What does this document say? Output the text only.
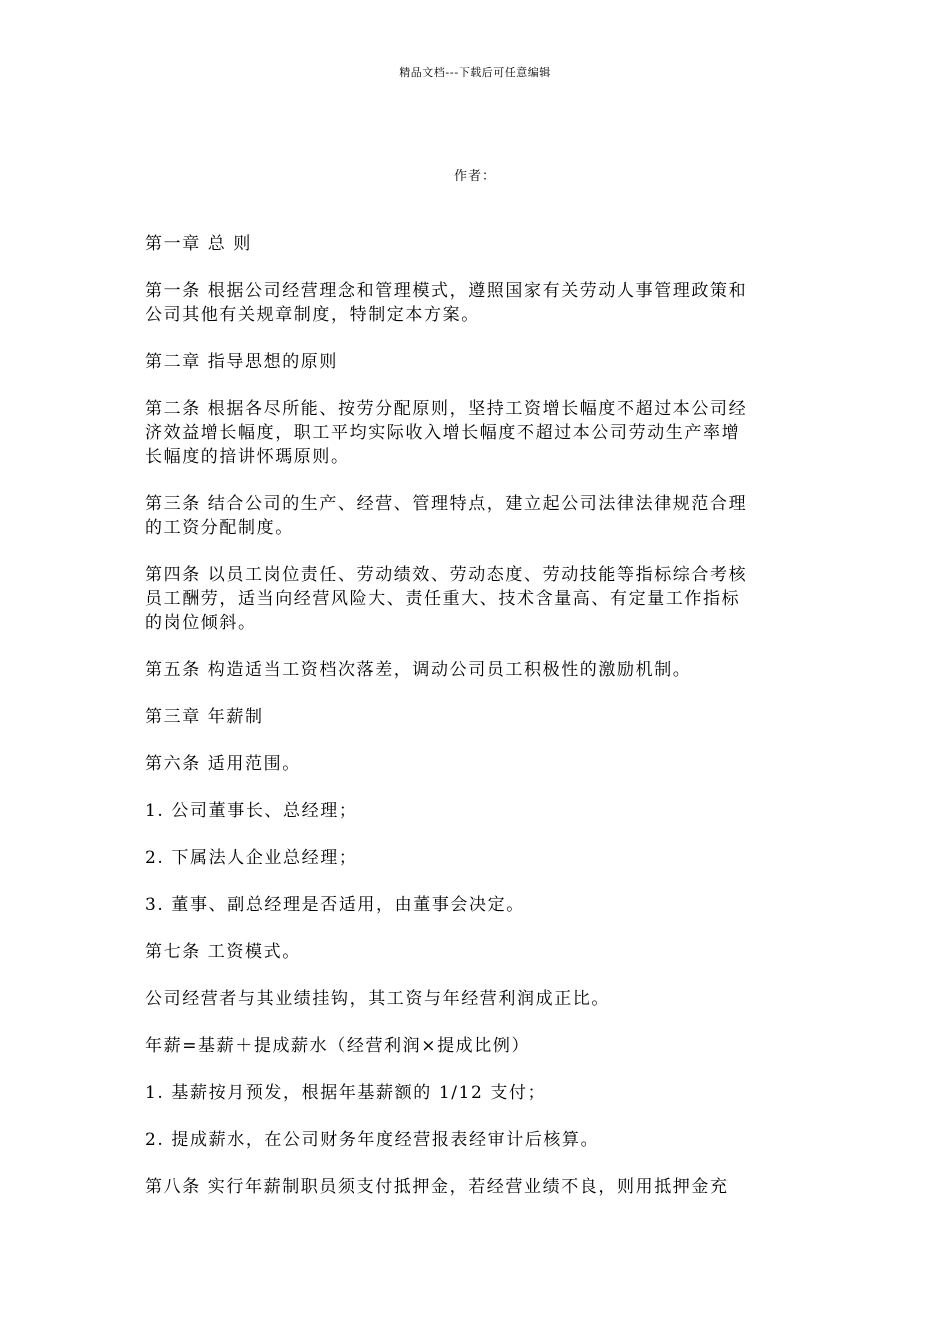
精品文档---下载后可任意编辑
作者：

第一章 总 则

第一条 根据公司经营理念和管理模式，遵照国家有关劳动人事管理政策和
公司其他有关规章制度，特制定本方案。

第二章 指导思想的原则

第二条 根据各尽所能、按劳分配原则，坚持工资增长幅度不超过本公司经
济效益增长幅度，职工平均实际收入增长幅度不超过本公司劳动生产率增
长幅度的揞讲怀瑪原则。

第三条 结合公司的生产、经营、管理特点，建立起公司法律法律规范合理
的工资分配制度。

第四条 以员工岗位责任、劳动绩效、劳动态度、劳动技能等指标综合考核
员工酬劳，适当向经营风险大、责任重大、技术含量高、有定量工作指标
的岗位倾斜。

第五条 构造适当工资档次落差，调动公司员工积极性的激励机制。

第三章 年薪制

第六条 适用范围。

1. 公司董事长、总经理；

2. 下属法人企业总经理；

3. 董事、副总经理是否适用，由董事会决定。

第七条 工资模式。

公司经营者与其业绩挂钩，其工资与年经营利润成正比。

年薪=基薪＋提成薪水（经营利润×提成比例）

1. 基薪按月预发，根据年基薪额的 1/12 支付；

2. 提成薪水，在公司财务年度经营报表经审计后核算。

第八条 实行年薪制职员须支付抵押金，若经营业绩不良，则用抵押金充
